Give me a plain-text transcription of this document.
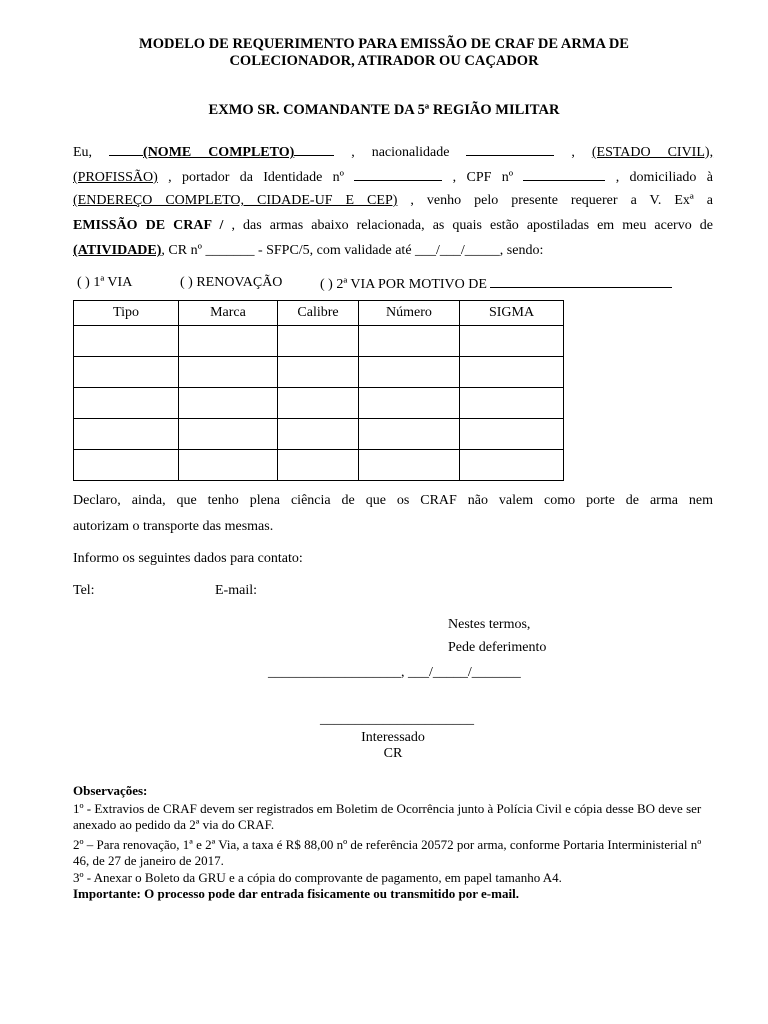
MODELO DE REQUERIMENTO PARA EMISSÃO DE CRAF DE ARMA DE
COLECIONADOR, ATIRADOR OU CAÇADOR
EXMO SR. COMANDANTE DA 5ª REGIÃO MILITAR
Eu,	(NOME COMPLETO)	, nacionalidade	, (ESTADO CIVIL),
(PROFISSÃO) , portador da Identidade nº	, CPF nº	, domiciliado à
(ENDEREÇO COMPLETO, CIDADE-UF E CEP) , venho pelo presente requerer a V. Exª a
EMISSÃO DE CRAF / , das armas abaixo relacionada, as quais estão apostiladas em meu acervo de
(ATIVIDADE), CR nº _______ - SFPC/5, com validade até ___/___/_____, sendo:
( ) 1ª VIA	( ) RENOVAÇÃO	( ) 2ª VIA POR MOTIVO DE
Tipo	Marca	Calibre	Número	SIGMA

Declaro, ainda, que tenho plena ciência de que os CRAF não valem como porte de arma nem
autorizam o transporte das mesmas.
Informo os seguintes dados para contato:
Tel:	E-mail:
Nestes termos,
Pede deferimento
___________________, ___/_____/_______
______________________
Interessado
CR
Observações:
1º - Extravios de CRAF devem ser registrados em Boletim de Ocorrência junto à Polícia Civil e cópia desse BO deve ser anexado ao pedido da 2ª via do CRAF.
2º – Para renovação, 1ª e 2ª Via, a taxa é R$ 88,00 nº de referência 20572 por arma, conforme Portaria Interministerial nº 46, de 27 de janeiro de 2017.
3º - Anexar o Boleto da GRU e a cópia do comprovante de pagamento, em papel tamanho A4.
Importante: O processo pode dar entrada fisicamente ou transmitido por e-mail.
